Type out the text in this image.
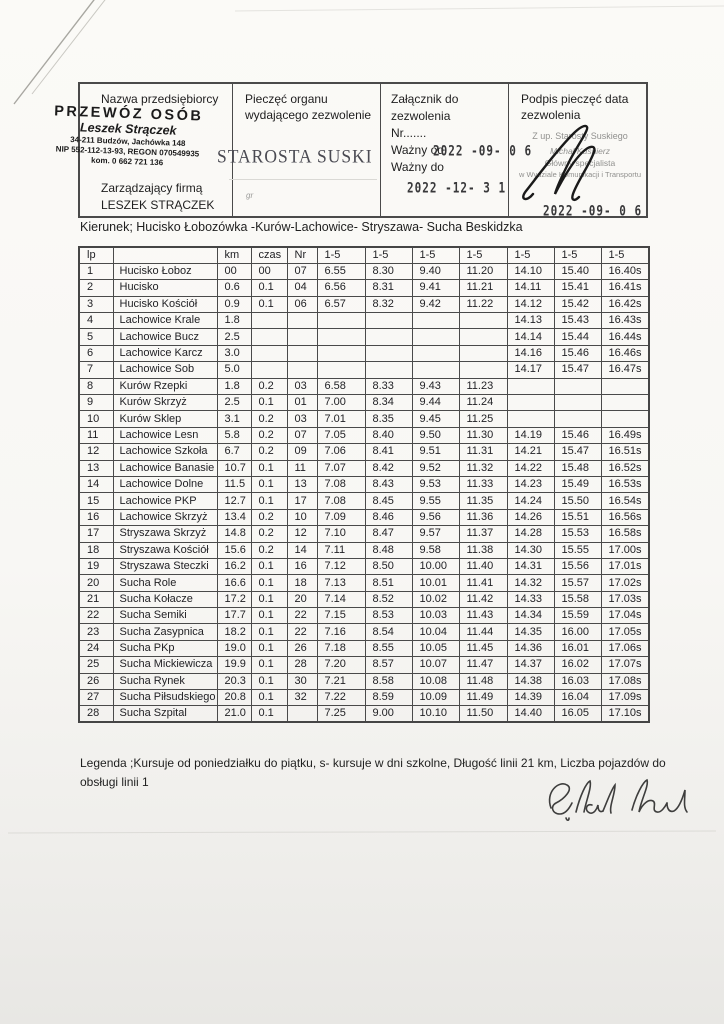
Nazwa przedsiębiorcy
PRZEWÓZ OSÓB
Leszek Strączek
34-211 Budzów, Jachówka 148
NIP 552-112-13-93, REGON 070549935
kom. 0 662 721 136
Zarządzający firmą
LESZEK STRĄCZEK
Pieczęć organu
wydającego zezwolenie
STAROSTA SUSKI
gr
Załącznik do
zezwolenia
Nr.......
Ważny od
Ważny do
2022 -09- 0 6
2022 -12- 3 1
Podpis pieczęć data
zezwolenia
Z up. Starosty Suskiego
Michał Kuśnierz
Główny specjalista
w Wydziale Komunikacji i Transportu
2022 -09- 0 6
Kierunek; Hucisko Łobozówka -Kurów-Lachowice- Stryszawa- Sucha Beskidzka
lp		km	czas	Nr	1-5	1-5	1-5	1-5	1-5	1-5	1-5
1	Hucisko Łoboz	00	00	07	6.55	8.30	9.40	11.20	14.10	15.40	16.40s
2	Hucisko	0.6	0.1	04	6.56	8.31	9.41	11.21	14.11	15.41	16.41s
3	Hucisko Kościół	0.9	0.1	06	6.57	8.32	9.42	11.22	14.12	15.42	16.42s
4	Lachowice Krale	1.8							14.13	15.43	16.43s
5	Lachowice Bucz	2.5							14.14	15.44	16.44s
6	Lachowice Karcz	3.0							14.16	15.46	16.46s
7	Lachowice Sob	5.0							14.17	15.47	16.47s
8	Kurów Rzepki	1.8	0.2	03	6.58	8.33	9.43	11.23			
9	Kurów Skrzyż	2.5	0.1	01	7.00	8.34	9.44	11.24			
10	Kurów Sklep	3.1	0.2	03	7.01	8.35	9.45	11.25			
11	Lachowice Lesn	5.8	0.2	07	7.05	8.40	9.50	11.30	14.19	15.46	16.49s
12	Lachowice Szkoła	6.7	0.2	09	7.06	8.41	9.51	11.31	14.21	15.47	16.51s
13	Lachowice Banasie	10.7	0.1	11	7.07	8.42	9.52	11.32	14.22	15.48	16.52s
14	Lachowice Dolne	11.5	0.1	13	7.08	8.43	9.53	11.33	14.23	15.49	16.53s
15	Lachowice PKP	12.7	0.1	17	7.08	8.45	9.55	11.35	14.24	15.50	16.54s
16	Lachowice Skrzyż	13.4	0.2	10	7.09	8.46	9.56	11.36	14.26	15.51	16.56s
17	Stryszawa Skrzyż	14.8	0.2	12	7.10	8.47	9.57	11.37	14.28	15.53	16.58s
18	Stryszawa Kościół	15.6	0.2	14	7.11	8.48	9.58	11.38	14.30	15.55	17.00s
19	Stryszawa Steczki	16.2	0.1	16	7.12	8.50	10.00	11.40	14.31	15.56	17.01s
20	Sucha Role	16.6	0.1	18	7.13	8.51	10.01	11.41	14.32	15.57	17.02s
21	Sucha Kołacze	17.2	0.1	20	7.14	8.52	10.02	11.42	14.33	15.58	17.03s
22	Sucha Semiki	17.7	0.1	22	7.15	8.53	10.03	11.43	14.34	15.59	17.04s
23	Sucha Zasypnica	18.2	0.1	22	7.16	8.54	10.04	11.44	14.35	16.00	17.05s
24	Sucha PKp	19.0	0.1	26	7.18	8.55	10.05	11.45	14.36	16.01	17.06s
25	Sucha Mickiewicza	19.9	0.1	28	7.20	8.57	10.07	11.47	14.37	16.02	17.07s
26	Sucha Rynek	20.3	0.1	30	7.21	8.58	10.08	11.48	14.38	16.03	17.08s
27	Sucha Piłsudskiego	20.8	0.1	32	7.22	8.59	10.09	11.49	14.39	16.04	17.09s
28	Sucha Szpital	21.0	0.1		7.25	9.00	10.10	11.50	14.40	16.05	17.10s
Legenda ;Kursuje od poniedziałku do piątku, s- kursuje w dni szkolne, Długość linii 21 km, Liczba pojazdów do obsługi linii 1
